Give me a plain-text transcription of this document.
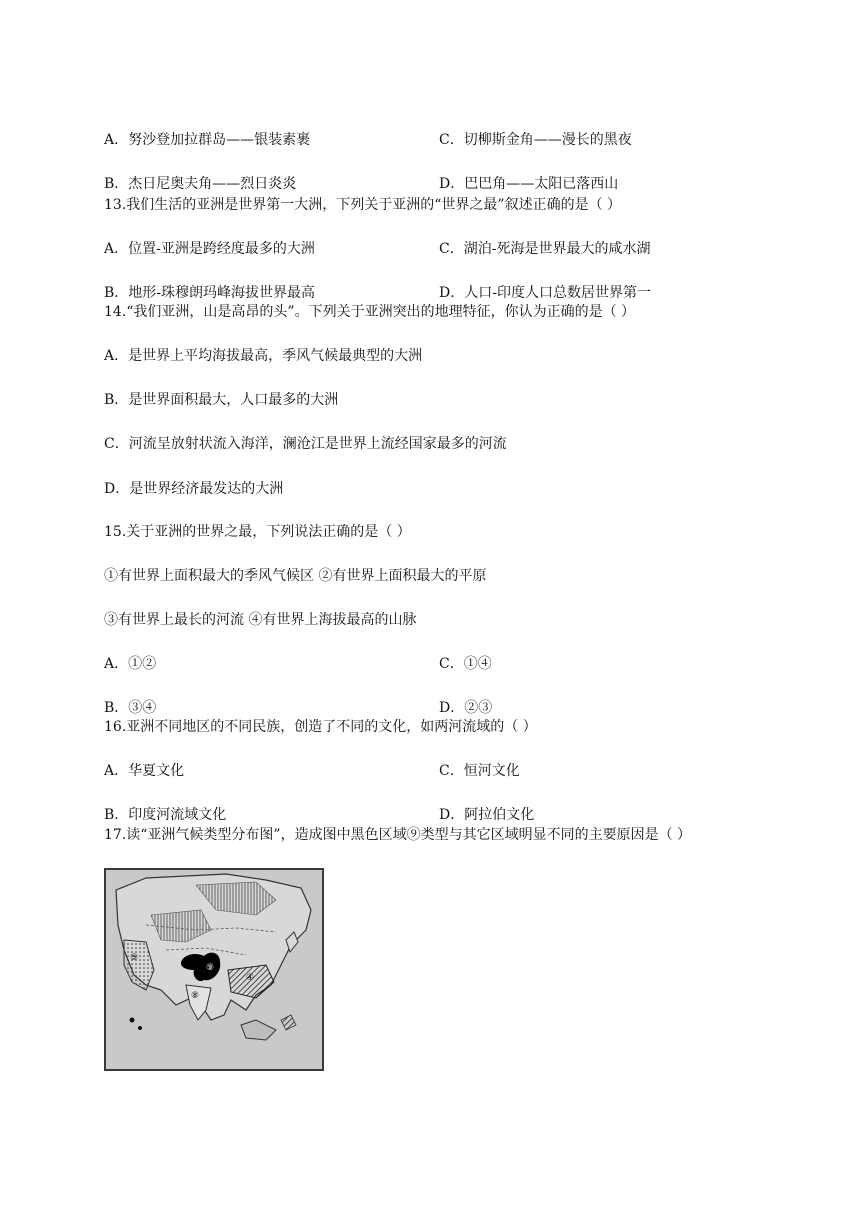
A．努沙登加拉群岛——银装素裹	C．切柳斯金角——漫长的黑夜
B．杰日尼奥夫角——烈日炎炎	D．巴巴角——太阳已落西山
13.我们生活的亚洲是世界第一大洲，下列关于亚洲的“世界之最”叙述正确的是（ ）
A．位置-亚洲是跨经度最多的大洲	C．湖泊-死海是世界最大的咸水湖
B．地形-珠穆朗玛峰海拔世界最高	D．人口-印度人口总数居世界第一
14.“我们亚洲，山是高昂的头”。下列关于亚洲突出的地理特征，你认为正确的是（ ）
A．是世界上平均海拔最高，季风气候最典型的大洲
B．是世界面积最大，人口最多的大洲
C．河流呈放射状流入海洋，澜沧江是世界上流经国家最多的河流
D．是世界经济最发达的大洲
15.关于亚洲的世界之最，下列说法正确的是（ ）
①有世界上面积最大的季风气候区 ②有世界上面积最大的平原
③有世界上最长的河流 ④有世界上海拔最高的山脉
A．①②	C．①④
B．③④	D．②③
16.亚洲不同地区的不同民族，创造了不同的文化，如两河流域的（ ）
A．华夏文化	C．恒河文化
B．印度河流域文化	D．阿拉伯文化
17.读“亚洲气候类型分布图”，造成图中黑色区域⑨类型与其它区域明显不同的主要原因是（ ）
⑤
⑧
⑨
④
